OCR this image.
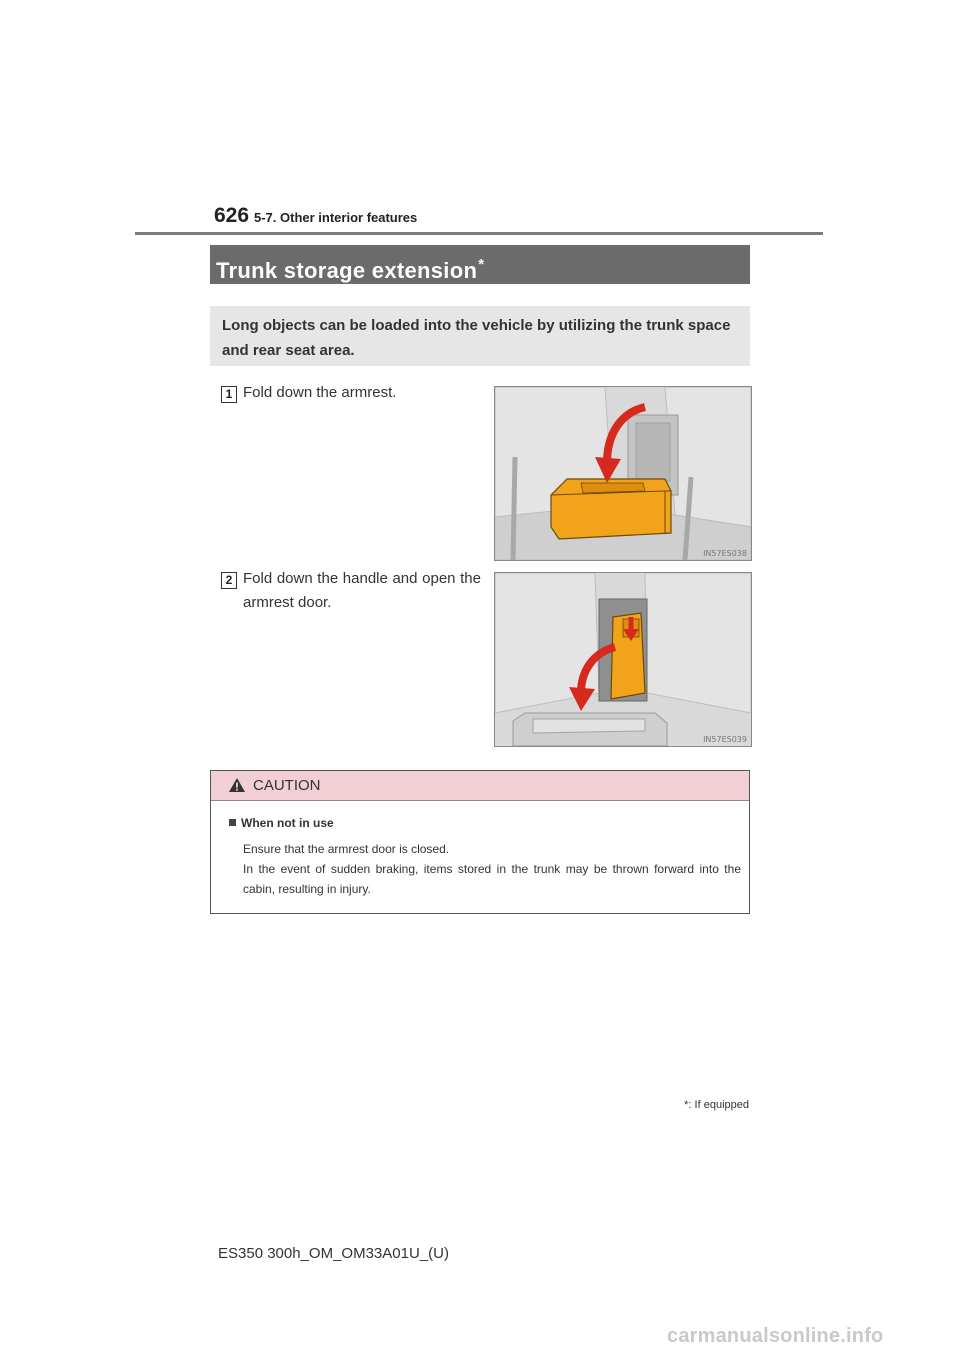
626 5-7. Other interior features
Trunk storage extension*
Long objects can be loaded into the vehicle by utilizing the trunk space and rear seat area.
1 Fold down the armrest.
IN57ES038
2 Fold down the handle and open the armrest door.
IN57ES039
CAUTION
When not in use
Ensure that the armrest door is closed.
In the event of sudden braking, items stored in the trunk may be thrown forward into the cabin, resulting in injury.
*: If equipped
ES350 300h_OM_OM33A01U_(U)
carmanualsonline.info
